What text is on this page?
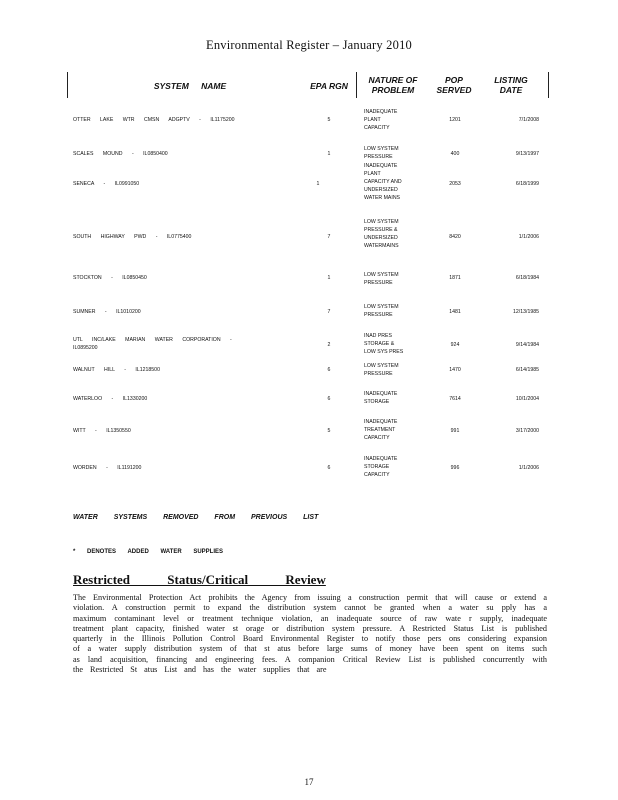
Environmental Register – January 2010
SYSTEM NAME	EPA RGN
NATURE OF
PROBLEM
POP
SERVED
LISTING
DATE
OTTER LAKE WTR CMSN ADGPTV - IL1175200	5
INADEQUATE
PLANT
CAPACITY
1201	7/1/2008
SCALES MOUND - IL0850400	1
LOW SYSTEM
PRESSURE	400	9/13/1997
SENECA - IL0991050	1
INADEQUATE
PLANT
CAPACITY AND
UNDERSIZED
WATER MAINS
2053	6/18/1999
SOUTH HIGHWAY PWD - IL0775400	7
LOW SYSTEM
PRESSURE &
UNDERSIZED
WATERMAINS
8420	1/1/2006
STOCKTON - IL0850450	1	LOW SYSTEM
PRESSURE
1871	6/18/1984
SUMNER - IL1010200	7
LOW SYSTEM
PRESSURE	1481	12/13/1985
UTL INC/LAKE MARIAN WATER CORPORATION -
IL0895200	2
INAD PRES
STORAGE &
LOW SYS PRES
924	9/14/1984
WALNUT HILL - IL1218500	6
LOW SYSTEM
PRESSURE
1470	6/14/1985
WATERLOO - IL1330200	6
INADEQUATE
STORAGE	7614	10/1/2004
WITT - IL1350550	5
INADEQUATE
TREATMENT
CAPACITY
991	3/17/2000
WORDEN - IL1191200	6
INADEQUATE
STORAGE
CAPACITY
996	1/1/2006
WATER SYSTEMS REMOVED FROM PREVIOUS LIST
* DENOTES ADDED WATER SUPPLIES
Restricted Status/Critical Review
The Environmental Protection Act prohibits the Agency from issuing a construction permit that will cause or extend a violation. A construction permit to expand the distribution system cannot be granted when a water su pply has a maximum contaminant level or treatment technique violation, an inadequate source of raw wate r supply, inadequate treatment plant capacity, finished water st orage or distribution system pressure. A Restricted Status List is published quarterly in the Illinois Pollution Control Board Environmental Register to notify those pers ons considering expansion of a water supply distribution system of that st atus before large sums of money have been spent on items such as land acquisition, financing and engineering fees. A companion Critical Review List is published concurrently with the Restricted St atus List and has the water supplies that are
17
